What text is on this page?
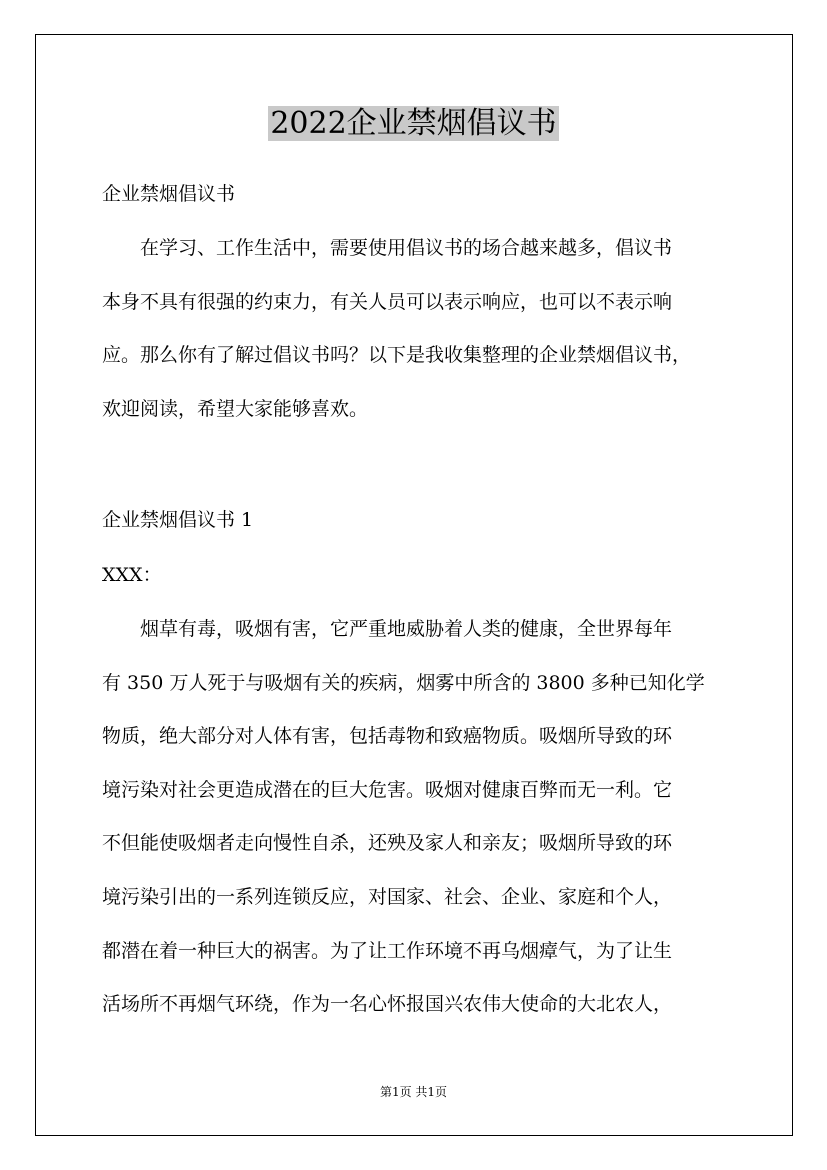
2022企业禁烟倡议书
企业禁烟倡议书
　　在学习、工作生活中，需要使用倡议书的场合越来越多，倡议书
本身不具有很强的约束力，有关人员可以表示响应，也可以不表示响
应。那么你有了解过倡议书吗？以下是我收集整理的企业禁烟倡议书，
欢迎阅读，希望大家能够喜欢。
企业禁烟倡议书 1
XXX：
　　烟草有毒，吸烟有害，它严重地威胁着人类的健康，全世界每年
有 350 万人死于与吸烟有关的疾病，烟雾中所含的 3800 多种已知化学
物质，绝大部分对人体有害，包括毒物和致癌物质。吸烟所导致的环
境污染对社会更造成潜在的巨大危害。吸烟对健康百弊而无一利。它
不但能使吸烟者走向慢性自杀，还殃及家人和亲友；吸烟所导致的环
境污染引出的一系列连锁反应，对国家、社会、企业、家庭和个人，
都潜在着一种巨大的祸害。为了让工作环境不再乌烟瘴气，为了让生
活场所不再烟气环绕，作为一名心怀报国兴农伟大使命的大北农人，
第1页 共1页
